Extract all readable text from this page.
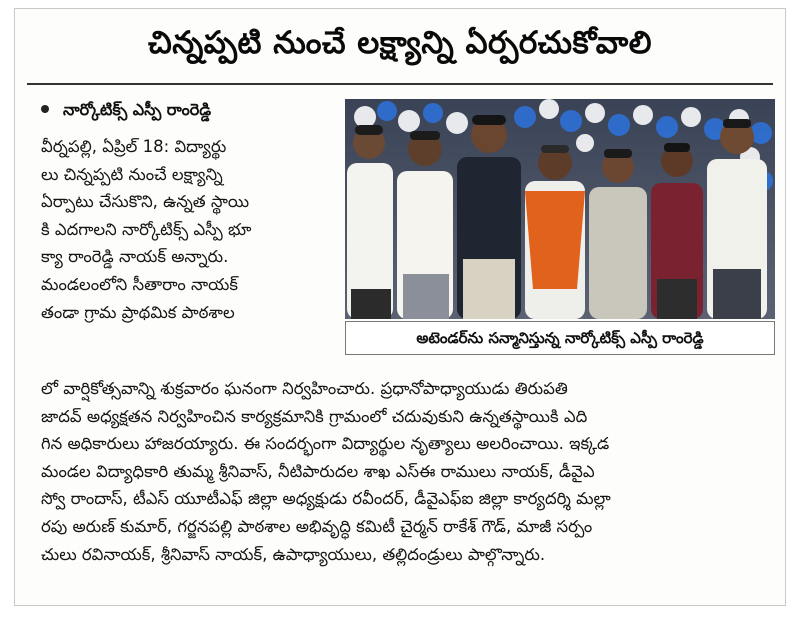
చిన్నప్పటి నుంచే లక్ష్యాన్ని ఏర్పరచుకోవాలి
నార్కోటిక్స్ ఎస్పీ రాంరెడ్డి
వీర్నపల్లి, ఏప్రిల్ 18: విద్యార్థు
లు చిన్నప్పటి నుంచే లక్ష్యాన్ని
ఏర్పాటు చేసుకొని, ఉన్నత స్థాయి
కి ఎదగాలని నార్కోటిక్స్ ఎస్పీ భూ
క్యా రాంరెడ్డి నాయక్ అన్నారు.
మండలంలోని సీతారాం నాయక్
తండా గ్రామ ప్రాథమిక పాఠశాల
అటెండర్‌ను సన్మానిస్తున్న నార్కోటిక్స్ ఎస్పీ రాంరెడ్డి
లో వార్షికోత్సవాన్ని శుక్రవారం ఘనంగా నిర్వహించారు. ప్రధానోపాధ్యాయుడు తిరుపతి
జాదవ్ అధ్యక్షతన నిర్వహించిన కార్యక్రమానికి గ్రామంలో చదువుకుని ఉన్నతస్థాయికి ఎది
గిన అధికారులు హాజరయ్యారు. ఈ సందర్భంగా విద్యార్థుల నృత్యాలు అలరించాయి. ఇక్కడ
మండల విద్యాధికారి తుమ్మ శ్రీనివాస్, నీటిపారుదల శాఖ ఎస్ఈ రాములు నాయక్, డీవైఎ
స్వో రాందాస్, టీఎస్ యూటీఎఫ్ జిల్లా అధ్యక్షుడు రవీందర్, డీవైఎఫ్ఐ జిల్లా కార్యదర్శి మల్లా
రపు అరుణ్ కుమార్, గర్జనపల్లి పాఠశాల అభివృద్ధి కమిటీ చైర్మన్ రాకేశ్ గౌడ్, మాజీ సర్పం
చులు రవినాయక్, శ్రీనివాస్ నాయక్, ఉపాధ్యాయులు, తల్లిదండ్రులు పాల్గొన్నారు.
